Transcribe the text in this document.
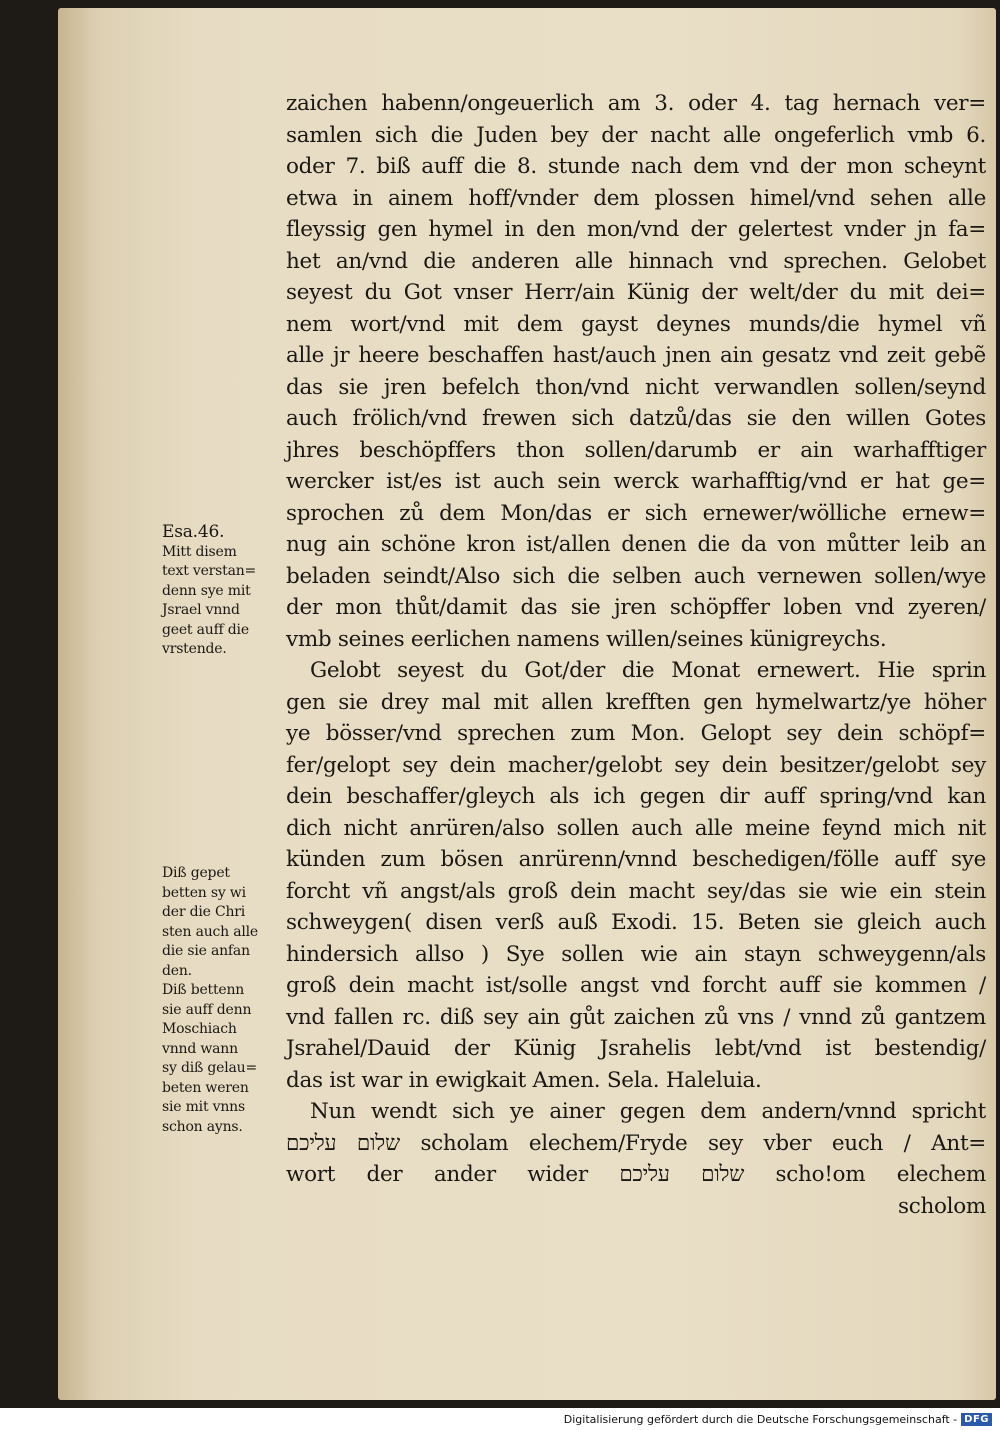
zaichen habenn/ongeuerlich am 3. oder 4. tag hernach ver=
samlen sich die Juden bey der nacht alle ongeferlich vmb 6.
oder 7. biß auff die 8. stunde nach dem vnd der mon scheynt
etwa in ainem hoff/vnder dem plossen himel/vnd sehen alle
fleyssig gen hymel in den mon/vnd der gelertest vnder jn fa=
het an/vnd die anderen alle hinnach vnd sprechen. Gelobet
seyest du Got vnser Herr/ain Künig der welt/der du mit dei=
nem wort/vnd mit dem gayst deynes munds/die hymel vñ
alle jr heere beschaffen hast/auch jnen ain gesatz vnd zeit gebẽ
das sie jren befelch thon/vnd nicht verwandlen sollen/seynd
auch frölich/vnd frewen sich datzů/das sie den willen Gotes
jhres beschöpffers thon sollen/darumb er ain warhafftiger
wercker ist/es ist auch sein werck warhafftig/vnd er hat ge=
sprochen zů dem Mon/das er sich ernewer/wölliche ernew=
nug ain schöne kron ist/allen denen die da von můtter leib an
beladen seindt/Also sich die selben auch vernewen sollen/wye
der mon thůt/damit das sie jren schöpffer loben vnd zyeren/
vmb seines eerlichen namens willen/seines künigreychs.
Gelobt seyest du Got/der die Monat ernewert. Hie sprin
gen sie drey mal mit allen krefften gen hymelwartz/ye höher
ye bösser/vnd sprechen zum Mon. Gelopt sey dein schöpf=
fer/gelopt sey dein macher/gelobt sey dein besitzer/gelobt sey
dein beschaffer/gleych als ich gegen dir auff spring/vnd kan
dich nicht anrüren/also sollen auch alle meine feynd mich nit
künden zum bösen anrürenn/vnnd beschedigen/fölle auff sye
forcht vñ angst/als groß dein macht sey/das sie wie ein stein
schweygen( disen verß auß Exodi. 15. Beten sie gleich auch
hindersich allso ) Sye sollen wie ain stayn schweygenn/als
groß dein macht ist/solle angst vnd forcht auff sie kommen /
vnd fallen rc. diß sey ain gůt zaichen zů vns / vnnd zů gantzem
Jsrahel/Dauid der Künig Jsrahelis lebt/vnd ist bestendig/
das ist war in ewigkait Amen. Sela. Haleluia.
Nun wendt sich ye ainer gegen dem andern/vnnd spricht
שלום עליכם scholam elechem/Fryde sey vber euch / Ant=
wort der ander wider שלום עליכם scho!om elechem
scholom
Esa.46.
Mitt disem
text verstan=
denn sye mit
Jsrael vnnd
geet auff die
vrstende.
Diß gepet
betten sy wi
der die Chri
sten auch alle
die sie anfan
den.
Diß bettenn
sie auff denn
Moschiach
vnnd wann
sy diß gelau=
beten weren
sie mit vnns
schon ayns.
Digitalisierung gefördert durch die Deutsche Forschungsgemeinschaft - DFG
